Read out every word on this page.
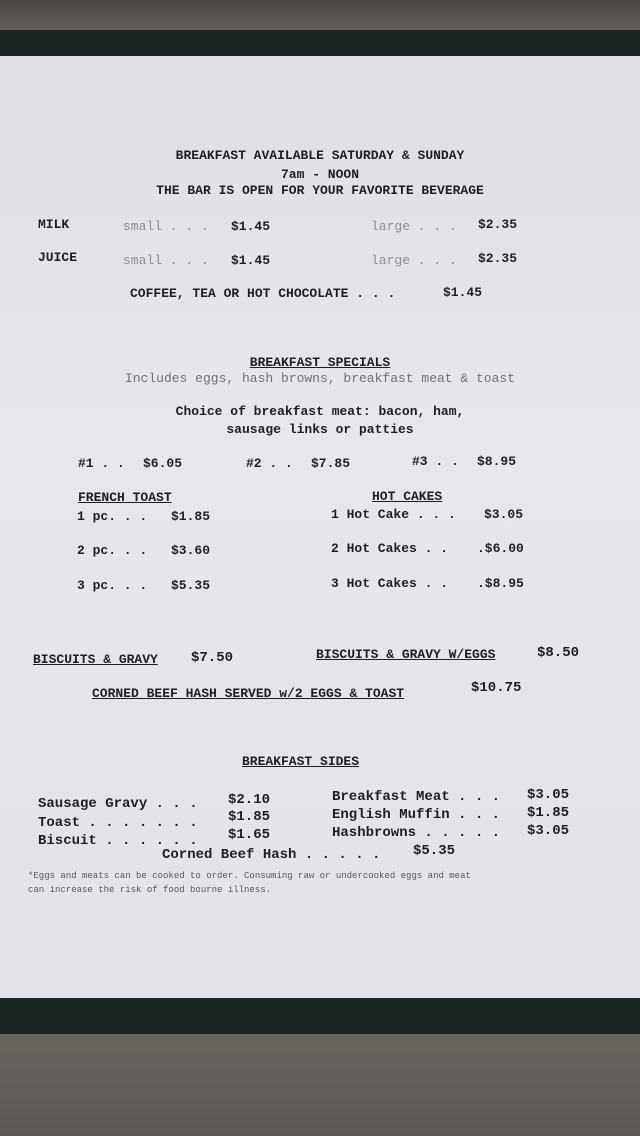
BREAKFAST AVAILABLE SATURDAY & SUNDAY
7am - NOON
THE BAR IS OPEN FOR YOUR FAVORITE BEVERAGE
MILK	small . . . $1.45	large . . . $2.35
JUICE	small . . . $1.45	large . . . $2.35
COFFEE, TEA OR HOT CHOCOLATE . . .	$1.45
BREAKFAST SPECIALS
Includes eggs, hash browns, breakfast meat & toast
Choice of breakfast meat: bacon, ham,
sausage links or patties
#1 . . $6.05	#2 . . $7.85	#3 . . $8.95
FRENCH TOAST
1 pc. . . $1.85
2 pc. . . $3.60
3 pc. . . $5.35
HOT CAKES
1 Hot Cake . . . $3.05
2 Hot Cakes . . .$6.00
3 Hot Cakes . . .$8.95
BISCUITS & GRAVY $7.50	BISCUITS & GRAVY W/EGGS	$8.50
CORNED BEEF HASH SERVED w/2 EGGS & TOAST	$10.75
BREAKFAST SIDES
Sausage Gravy . . . $2.10
Toast . . . . . . . $1.85
Biscuit . . . . . . $1.65
Breakfast Meat . . . $3.05
English Muffin . . . $1.85
Hashbrowns . . . . . $3.05
Corned Beef Hash . . . . . $5.35
*Eggs and meats can be cooked to order. Consuming raw or undercooked eggs and meat
can increase the risk of food bourne illness.
